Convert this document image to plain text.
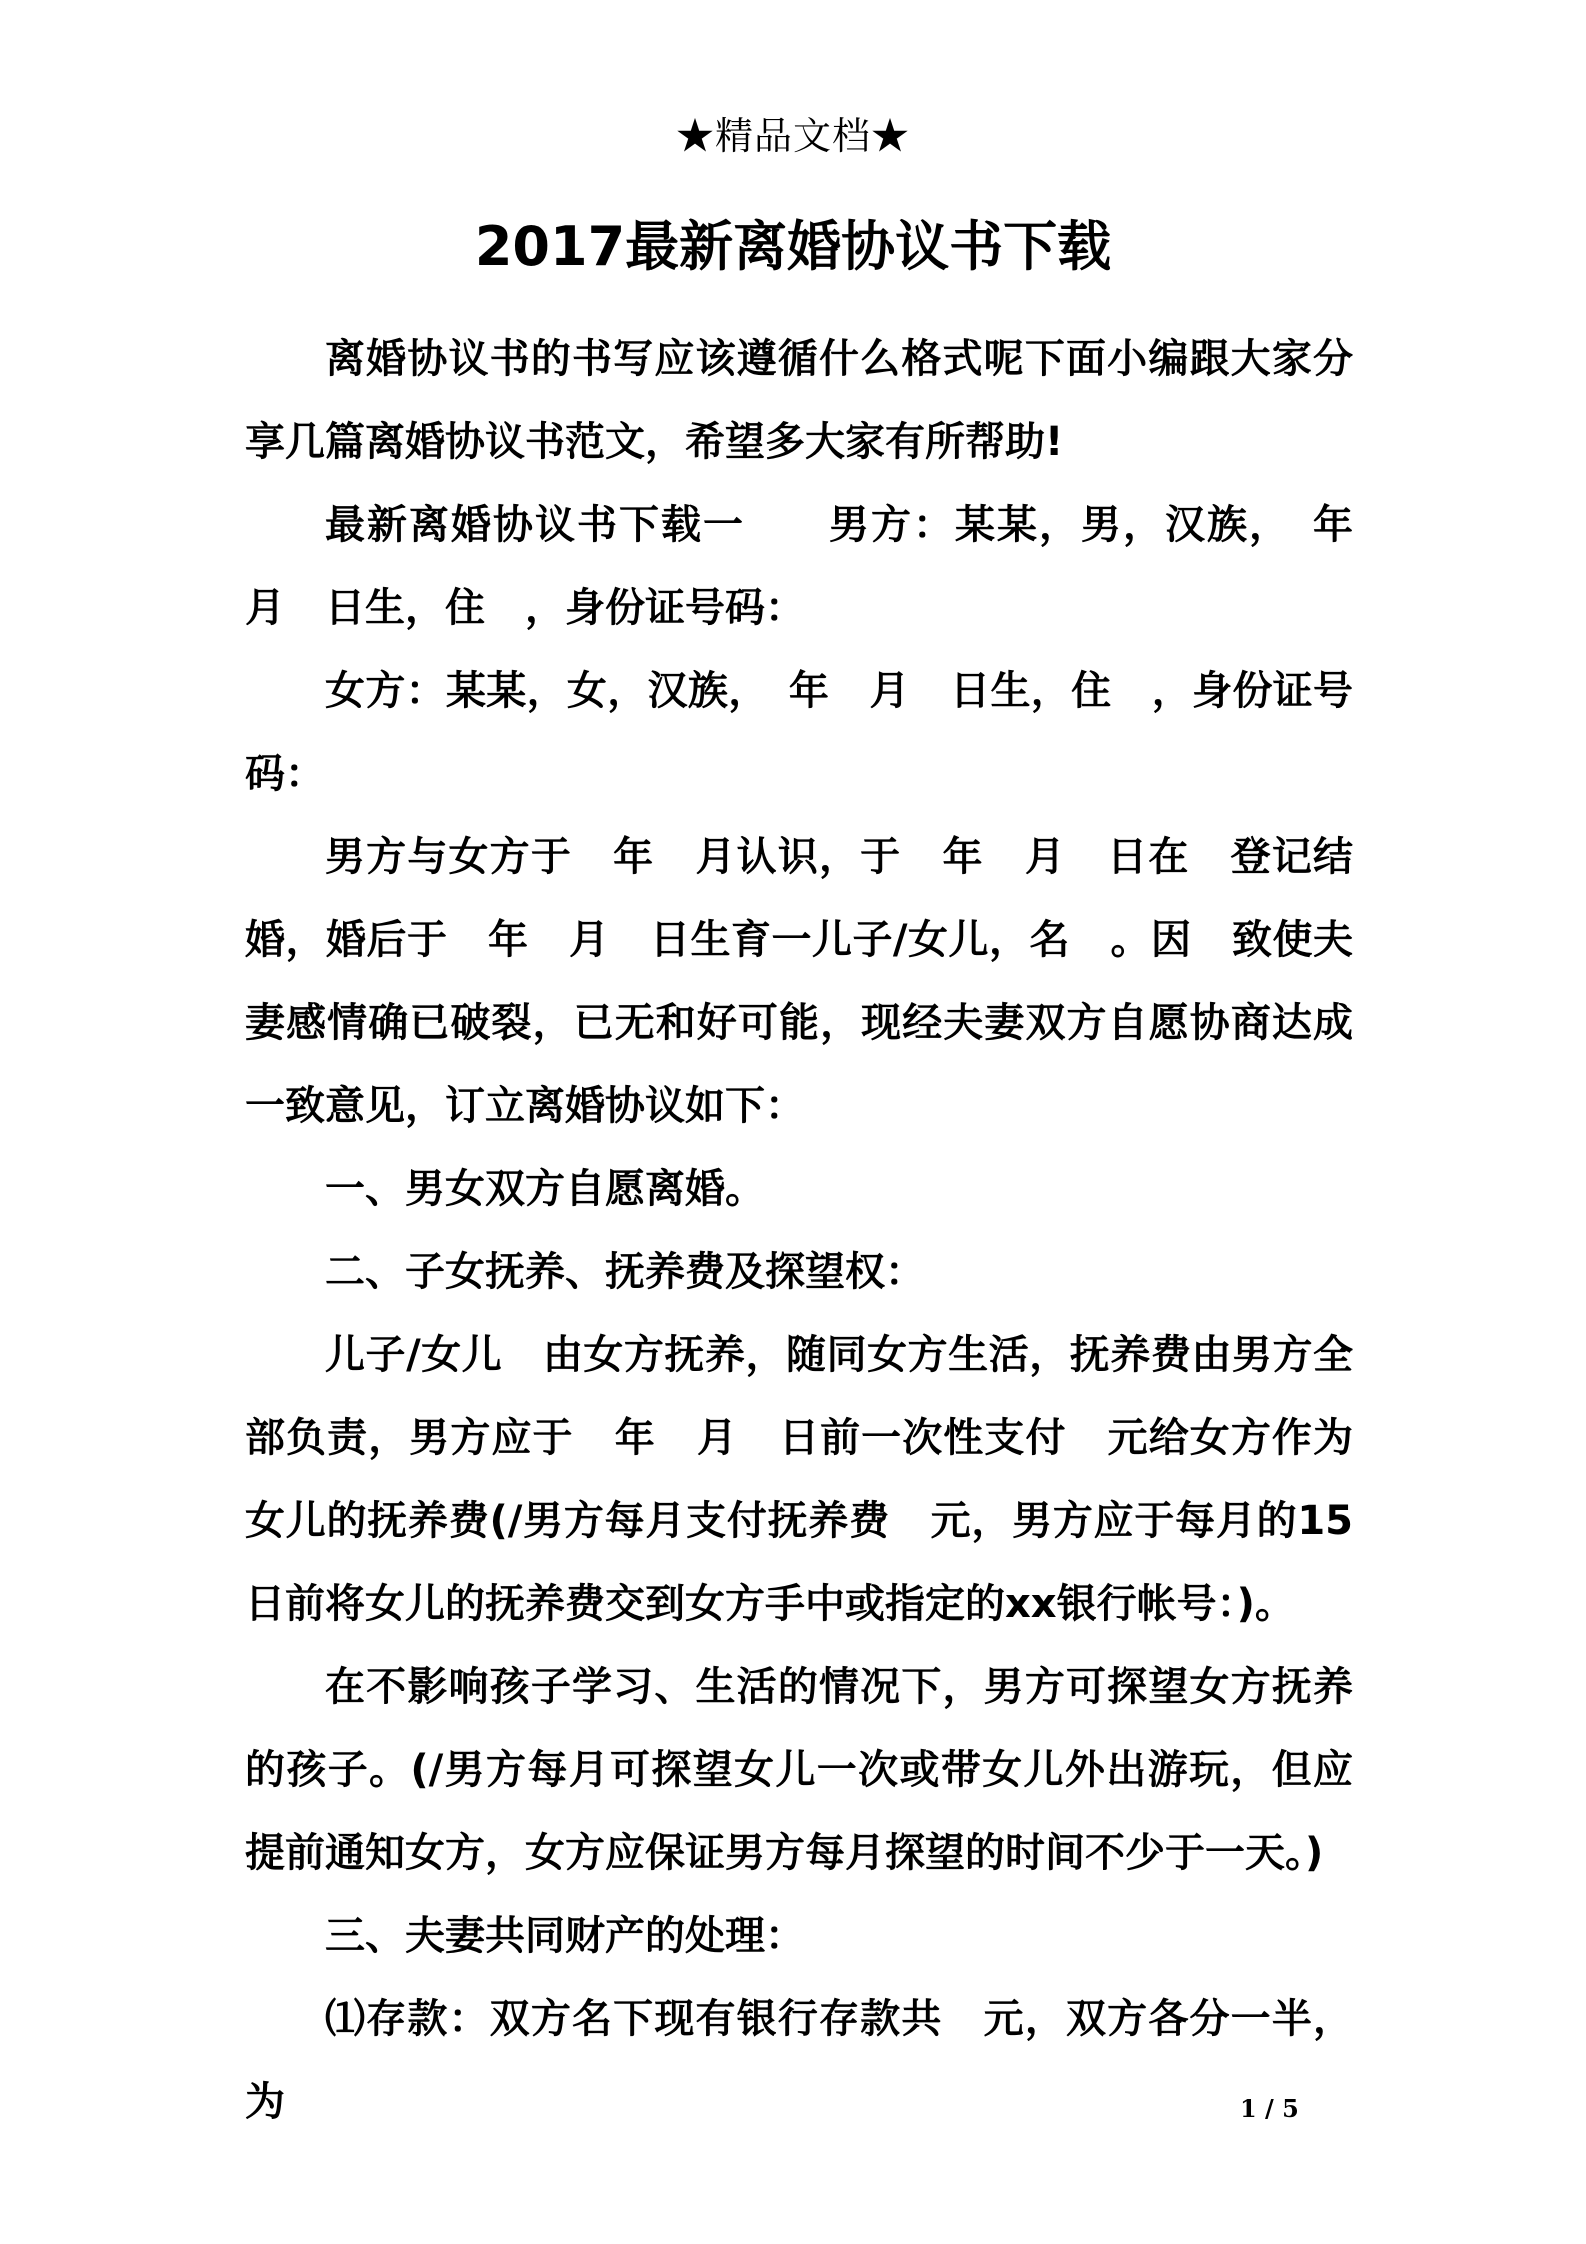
★精品文档★
2017最新离婚协议书下载

离婚协议书的书写应该遵循什么格式呢下面小编跟大家分享几篇离婚协议书范文，希望多大家有所帮助!

最新离婚协议书下载一　　男方：某某，男，汉族，　年　月　日生，住　，身份证号码：

女方：某某，女，汉族，　年　月　日生，住　，身份证号码：

男方与女方于　年　月认识，于　年　月　日在　登记结婚，婚后于　年　月　日生育一儿子/女儿，名　。因　致使夫妻感情确已破裂，已无和好可能，现经夫妻双方自愿协商达成一致意见，订立离婚协议如下：

一、男女双方自愿离婚。

二、子女抚养、抚养费及探望权：

儿子/女儿　由女方抚养，随同女方生活，抚养费由男方全部负责，男方应于　年　月　日前一次性支付　元给女方作为女儿的抚养费(/男方每月支付抚养费　元，男方应于每月的15日前将女儿的抚养费交到女方手中或指定的xx银行帐号：)。

在不影响孩子学习、生活的情况下，男方可探望女方抚养的孩子。(/男方每月可探望女儿一次或带女儿外出游玩，但应提前通知女方，女方应保证男方每月探望的时间不少于一天。)

三、夫妻共同财产的处理：

⑴存款：双方名下现有银行存款共　元，双方各分一半，为	1 / 5
